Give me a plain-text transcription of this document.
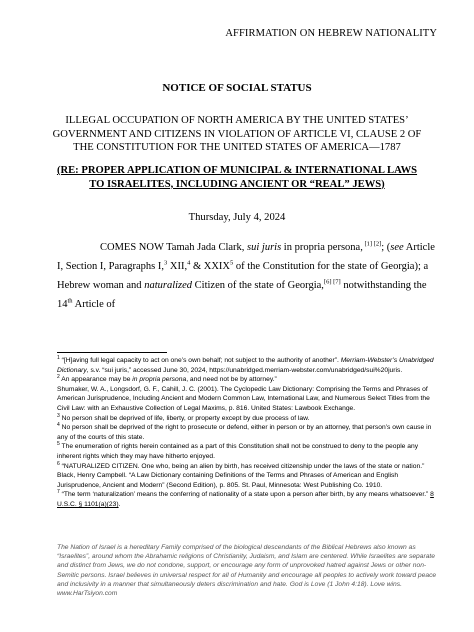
AFFIRMATION ON HEBREW NATIONALITY
NOTICE OF SOCIAL STATUS
ILLEGAL OCCUPATION OF NORTH AMERICA BY THE UNITED STATES’
GOVERNMENT AND CITIZENS IN VIOLATION OF ARTICLE VI, CLAUSE 2 OF
THE CONSTITUTION FOR THE UNITED STATES OF AMERICA—1787
(RE: PROPER APPLICATION OF MUNICIPAL & INTERNATIONAL LAWS
TO ISRAELITES, INCLUDING ANCIENT OR “REAL” JEWS)
Thursday, July 4, 2024
COMES NOW Tamah Jada Clark, sui juris in propria persona, [1] [2]; (see Article I, Section I, Paragraphs I,$^3$ XII,$^4$ & XXIX$^5$ of the Constitution for the state of Georgia); a Hebrew woman and naturalized Citizen of the state of Georgia,[6] [7] notwithstanding the 14th Article of

$^1$ “[H]aving full legal capacity to act on one’s own behalf; not subject to the authority of another”. Merriam-Webster’s Unabridged Dictionary, s.v. “sui juris,” accessed June 30, 2024, https://unabridged.merriam-webster.com/unabridged/sui%20juris.

$^2$ An appearance may be in propria persona, and need not be by attorney.”

Shumaker, W. A., Longsdorf, G. F., Cahill, J. C. (2001). The Cyclopedic Law Dictionary: Comprising the Terms and Phrases of American Jurisprudence, Including Ancient and Modern Common Law, International Law, and Numerous Select Titles from the Civil Law: with an Exhaustive Collection of Legal Maxims, p. 816. United States: Lawbook Exchange.

$^3$ No person shall be deprived of life, liberty, or property except by due process of law.

$^4$ No person shall be deprived of the right to prosecute or defend, either in person or by an attorney, that person’s own cause in any of the courts of this state.

$^5$ The enumeration of rights herein contained as a part of this Constitution shall not be construed to deny to the people any inherent rights which they may have hitherto enjoyed.

$^6$ “NATURALIZED CITIZEN. One who, being an alien by birth, has received citizenship under the laws of the state or nation.” Black, Henry Campbell. “A Law Dictionary containing Definitions of the Terms and Phrases of American and English Jurisprudence, Ancient and Modern” (Second Edition), p. 805. St. Paul, Minnesota: West Publishing Co. 1910.

$^7$ “The term ‘naturalization’ means the conferring of nationality of a state upon a person after birth, by any means whatsoever.” 8 U.S.C. § 1101(a)(23).

The Nation of Israel is a hereditary Family comprised of the biological descendants of the Biblical Hebrews also known as “Israelites”, around whom the Abrahamic religions of Christianity, Judaism, and Islam are centered. While Israelites are separate and distinct from Jews, we do not condone, support, or encourage any form of unprovoked hatred against Jews or other non-Semitic persons. Israel believes in universal respect for all of Humanity and encourage all peoples to actively work toward peace and inclusivity in a manner that simultaneously deters discrimination and hate. God is Love (1 John 4:18). Love wins. www.HarTsiyon.com
